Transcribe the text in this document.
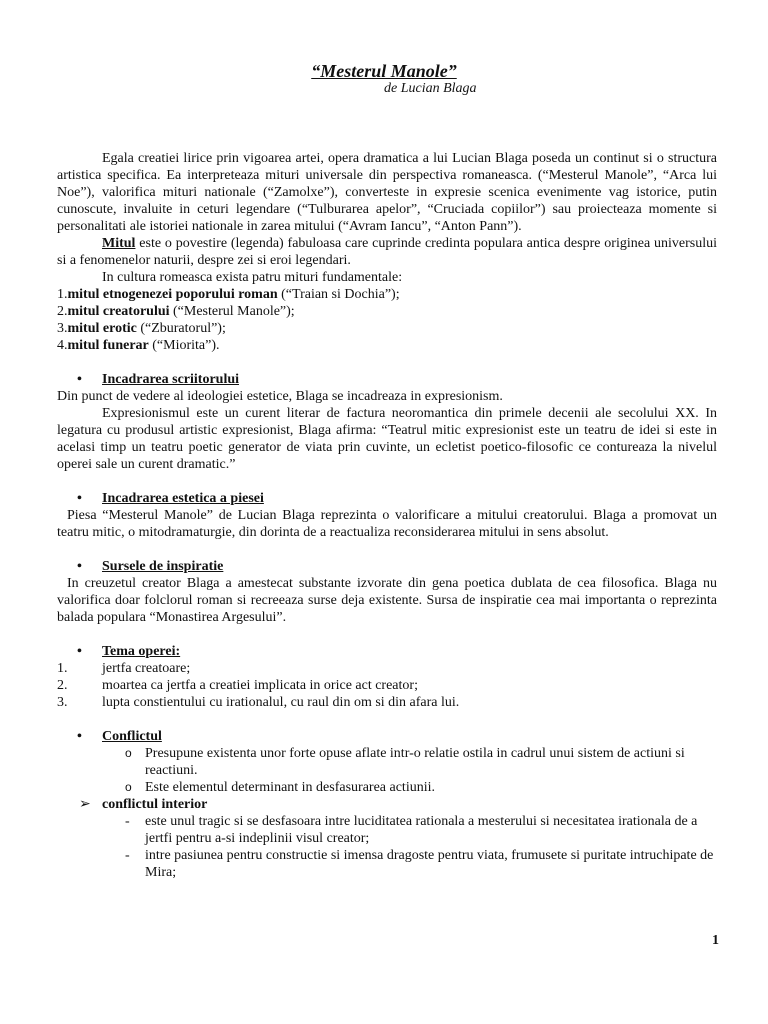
“Mesterul Manole”
de Lucian Blaga

Egala creatiei lirice prin vigoarea artei, opera dramatica a lui Lucian Blaga poseda un continut si o structura artistica specifica. Ea interpreteaza mituri universale din perspectiva romaneasca. (“Mesterul Manole”, “Arca lui Noe”), valorifica mituri nationale (“Zamolxe”), converteste in expresie scenica evenimente vag istorice, putin cunoscute, invaluite in ceturi legendare (“Tulburarea apelor”, “Cruciada copiilor”) sau proiecteaza momente si personalitati ale istoriei nationale in zarea mitului (“Avram Iancu”, “Anton Pann”).

Mitul este o povestire (legenda) fabuloasa care cuprinde credinta populara antica despre originea universului si a fenomenelor naturii, despre zei si eroi legendari.

In cultura romeasca exista patru mituri fundamentale:

1.mitul etnogenezei poporului roman (“Traian si Dochia”);

2.mitul creatorului (“Mesterul Manole”);

3.mitul erotic (“Zburatorul”);

4.mitul funerar (“Miorita”).

• Incadrarea scriitorului

Din punct de vedere al ideologiei estetice, Blaga se incadreaza in expresionism.

Expresionismul este un curent literar de factura neoromantica din primele decenii ale secolului XX. In legatura cu produsul artistic expresionist, Blaga afirma: “Teatrul mitic expresionist este un teatru de idei si este in acelasi timp un teatru poetic generator de viata prin cuvinte, un ecletist poetico-filosofic ce contureaza la nivelul operei sale un curent dramatic.”

• Incadrarea estetica a piesei

Piesa “Mesterul Manole” de Lucian Blaga reprezinta o valorificare a mitului creatorului. Blaga a promovat un teatru mitic, o mitodramaturgie, din dorinta de a reactualiza reconsiderarea mitului in sens absolut.

• Sursele de inspiratie

In creuzetul creator Blaga a amestecat substante izvorate din gena poetica dublata de cea filosofica. Blaga nu valorifica doar folclorul roman si recreeaza surse deja existente. Sursa de inspiratie cea mai importanta o reprezinta balada populara “Monastirea Argesului”.

• Tema operei:
1. jertfa creatoare;
2. moartea ca jertfa a creatiei implicata in orice act creator;
3. lupta constientului cu irationalul, cu raul din om si din afara lui.
• Conflictul
o Presupune existenta unor forte opuse aflate intr-o relatie ostila in cadrul unui sistem de actiuni si reactiuni.
o Este elementul determinant in desfasurarea actiunii.
➢ conflictul interior
- este unul tragic si se desfasoara intre luciditatea rationala a mesterului si necesitatea irationala de a jertfi pentru a-si indeplinii visul creator;
- intre pasiunea pentru constructie si imensa dragoste pentru viata, frumusete si puritate intruchipate de Mira;
1
